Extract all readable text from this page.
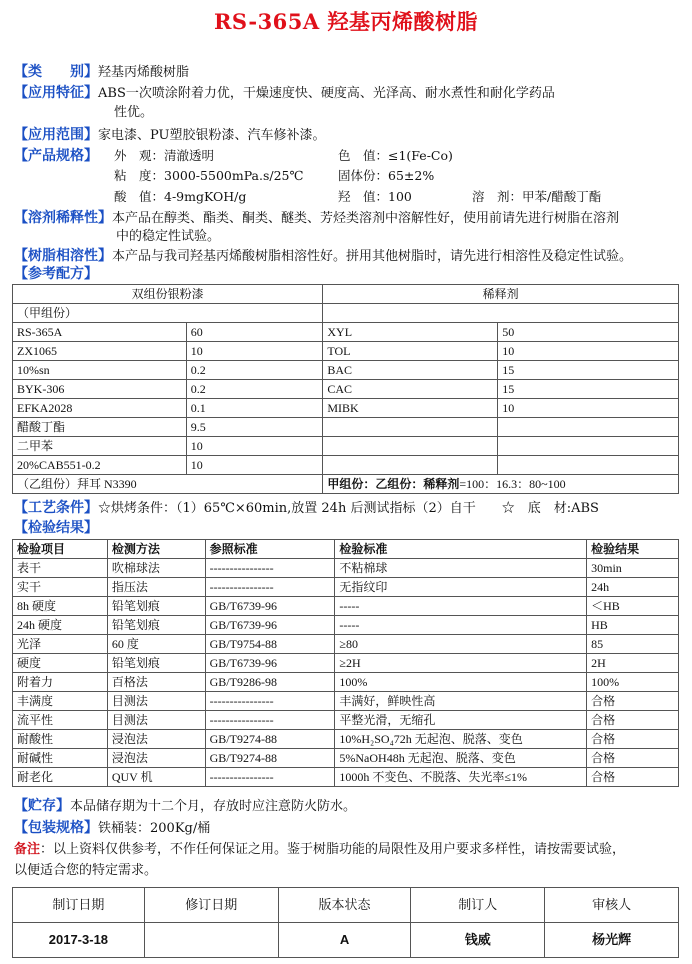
RS-365A 羟基丙烯酸树脂
【类　　别】羟基丙烯酸树脂
【应用特征】ABS一次喷涂附着力优，干燥速度快、硬度高、光泽高、耐水煮性和耐化学药品
性优。
【应用范围】家电漆、PU塑胶银粉漆、汽车修补漆。
【产品规格】 外　观：清澈透明	色　值：≤1(Fe-Co)
粘　度：3000-5500mPa.s/25℃	固体份：65±2%
酸　值：4-9mgKOH/g	羟　值：100	溶　剂：甲苯/醋酸丁酯
【溶剂稀释性】本产品在醇类、酯类、酮类、醚类、芳烃类溶剂中溶解性好，使用前请先进行树脂在溶剂
中的稳定性试验。
【树脂相溶性】本产品与我司羟基丙烯酸树脂相溶性好。拼用其他树脂时，请先进行相溶性及稳定性试验。
【参考配方】
双组份银粉漆		稀释剂	
（甲组份）			
RS-365A	60	XYL	50
ZX1065	10	TOL	10
10%sn	0.2	BAC	15
BYK-306	0.2	CAC	15
EFKA2028	0.1	MIBK	10
醋酸丁酯	9.5		
二甲苯	10		
20%CAB551-0.2	10		
（乙组份）拜耳 N3390		甲组份：乙组份：稀释剂=100：16.3：80~100	
【工艺条件】☆烘烤条件：（1）65℃×60min,放置 24h 后测试指标（2）自干　　☆　底　材:ABS
【检验结果】
检验项目	检测方法	参照标准	检验标准	检验结果
表干	吹棉球法	----------------	不粘棉球	30min
实干	指压法	----------------	无指纹印	24h
8h 硬度	铅笔划痕	GB/T6739-96	-----	＜HB
24h 硬度	铅笔划痕	GB/T6739-96	-----	HB
光泽	60 度	GB/T9754-88	≥80	85
硬度	铅笔划痕	GB/T6739-96	≥2H	2H
附着力	百格法	GB/T9286-98	100%	100%
丰满度	目测法	----------------	丰满好，鲜映性高	合格
流平性	目测法	----------------	平整光滑，无缩孔	合格
耐酸性	浸泡法	GB/T9274-88	10%H₂SO₄72h 无起泡、脱落、变色	合格
耐碱性	浸泡法	GB/T9274-88	5%NaOH48h 无起泡、脱落、变色	合格
耐老化	QUV 机	----------------	1000h 不变色、不脱落、失光率≤1%	合格
【贮存】本品储存期为十二个月，存放时应注意防火防水。
【包装规格】铁桶装：200Kg/桶
备注：以上资料仅供参考，不作任何保证之用。鉴于树脂功能的局限性及用户要求多样性，请按需要试验，
以便适合您的特定需求。
制订日期	修订日期	版本状态	制订人	审核人
2017-3-18		A	钱威	杨光辉
